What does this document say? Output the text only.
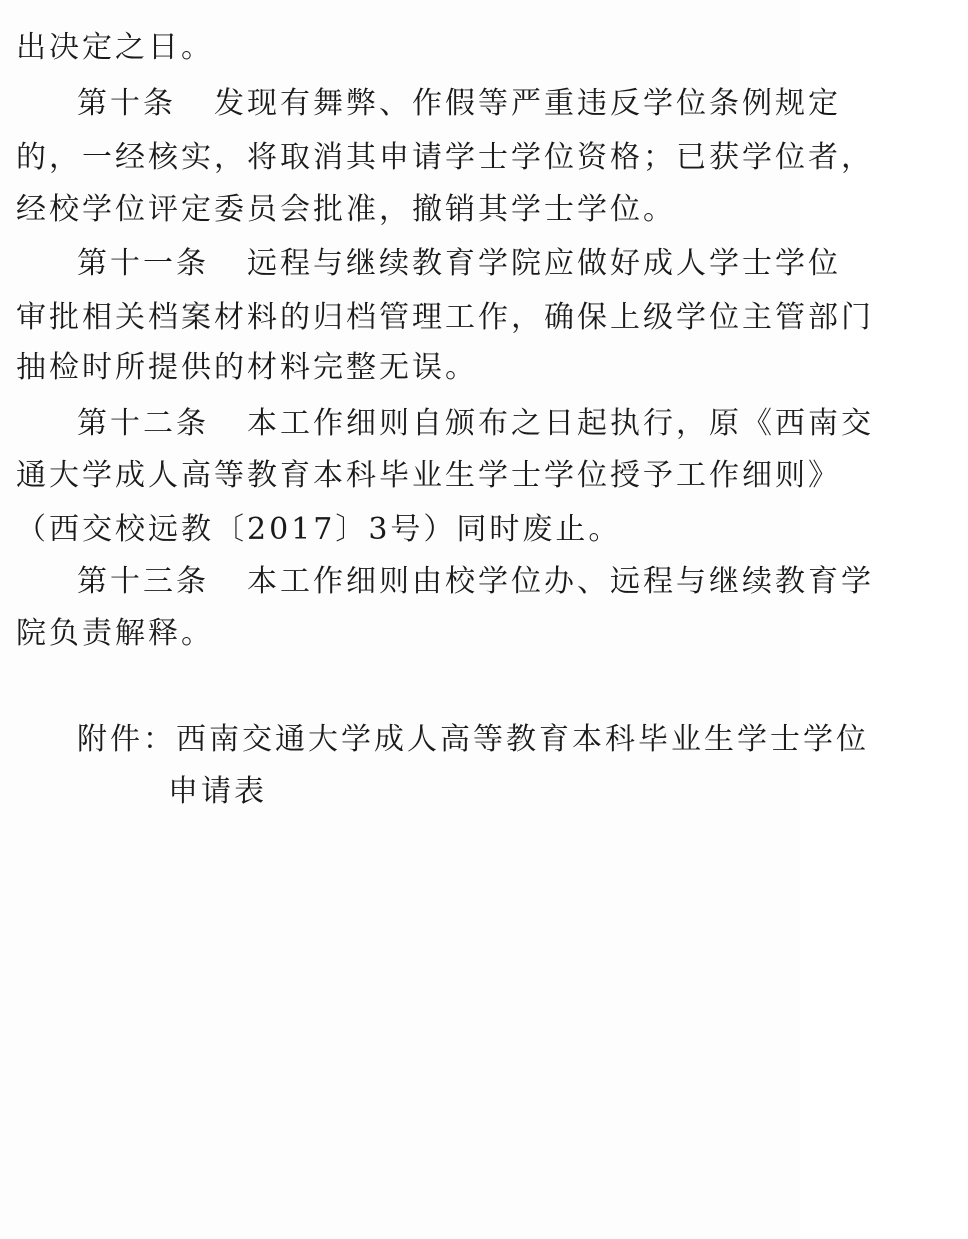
出决定之日。
第十条 发现有舞弊、作假等严重违反学位条例规定
的，一经核实，将取消其申请学士学位资格；已获学位者，
经校学位评定委员会批准，撤销其学士学位。
第十一条 远程与继续教育学院应做好成人学士学位
审批相关档案材料的归档管理工作，确保上级学位主管部门
抽检时所提供的材料完整无误。
第十二条 本工作细则自颁布之日起执行，原《西南交
通大学成人高等教育本科毕业生学士学位授予工作细则》
（西交校远教〔2017〕3号）同时废止。
第十三条 本工作细则由校学位办、远程与继续教育学
院负责解释。
附件：西南交通大学成人高等教育本科毕业生学士学位
申请表
